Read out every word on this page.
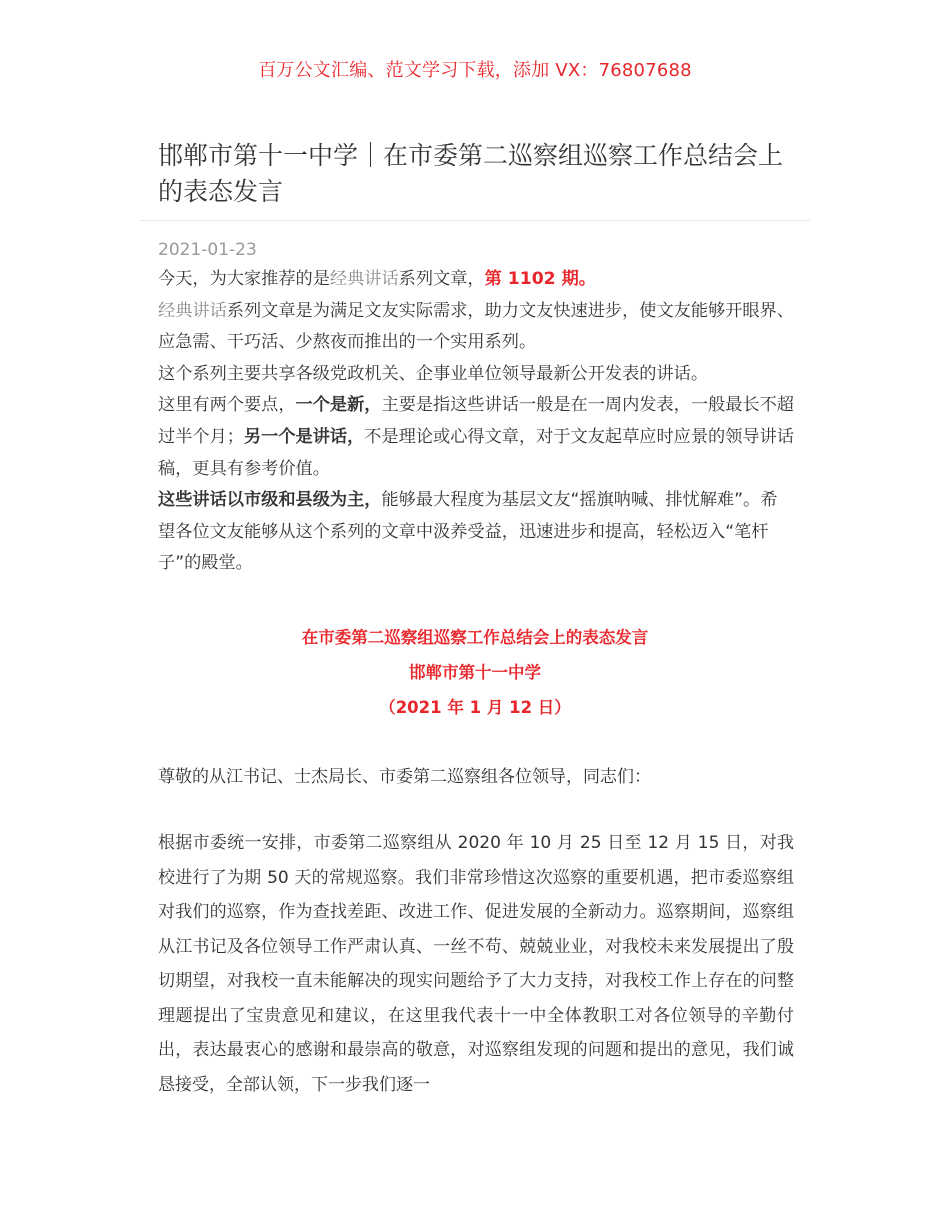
百万公文汇编、范文学习下载，添加 VX：76807688
邯郸市第十一中学｜在市委第二巡察组巡察工作总结会上的表态发言
2021-01-23

今天，为大家推荐的是经典讲话系列文章，第 1102 期。

经典讲话系列文章是为满足文友实际需求，助力文友快速进步，使文友能够开眼界、应急需、干巧活、少熬夜而推出的一个实用系列。

这个系列主要共享各级党政机关、企事业单位领导最新公开发表的讲话。

这里有两个要点，一个是新，主要是指这些讲话一般是在一周内发表，一般最长不超过半个月；另一个是讲话，不是理论或心得文章，对于文友起草应时应景的领导讲话稿，更具有参考价值。

这些讲话以市级和县级为主，能够最大程度为基层文友“摇旗呐喊、排忧解难”。希望各位文友能够从这个系列的文章中汲养受益，迅速进步和提高，轻松迈入“笔杆子”的殿堂。

在市委第二巡察组巡察工作总结会上的表态发言
邯郸市第十一中学
（2021 年 1 月 12 日）
尊敬的从江书记、士杰局长、市委第二巡察组各位领导，同志们：
根据市委统一安排，市委第二巡察组从 2020 年 10 月 25 日至 12 月 15 日，对我校进行了为期 50 天的常规巡察。我们非常珍惜这次巡察的重要机遇，把市委巡察组对我们的巡察，作为查找差距、改进工作、促进发展的全新动力。巡察期间，巡察组从江书记及各位领导工作严肃认真、一丝不苟、兢兢业业，对我校未来发展提出了殷切期望，对我校一直未能解决的现实问题给予了大力支持，对我校工作上存在的问整理题提出了宝贵意见和建议，在这里我代表十一中全体教职工对各位领导的辛勤付出，表达最衷心的感谢和最崇高的敬意，对巡察组发现的问题和提出的意见，我们诚恳接受，全部认领，下一步我们逐一
